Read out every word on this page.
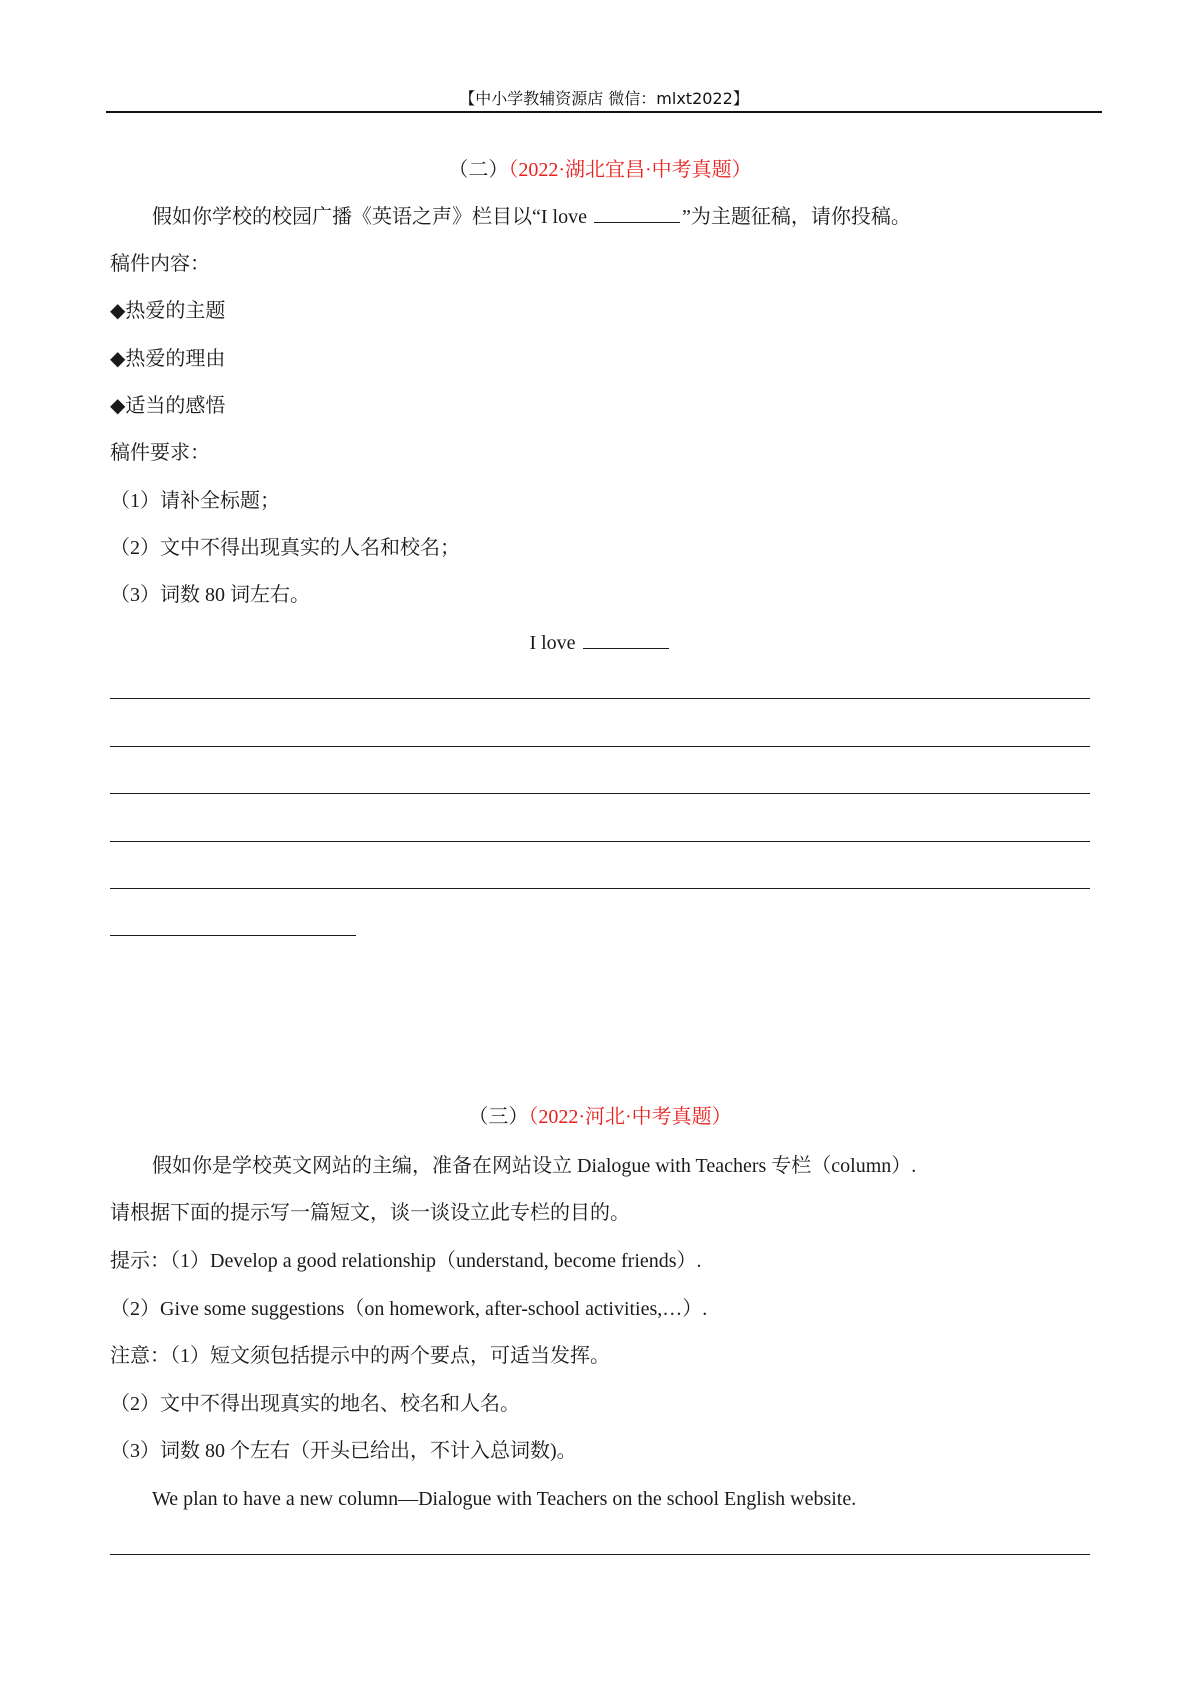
【中小学教辅资源店 微信：mlxt2022】
（二）（2022·湖北宜昌·中考真题）
假如你学校的校园广播《英语之声》栏目以“I love	”为主题征稿，请你投稿。
稿件内容：
◆热爱的主题
◆热爱的理由
◆适当的感悟
稿件要求：
（1）请补全标题；
（2）文中不得出现真实的人名和校名；
（3）词数 80 词左右。
I love
（三）（2022·河北·中考真题）
假如你是学校英文网站的主编，准备在网站设立 Dialogue with Teachers 专栏（column）.
请根据下面的提示写一篇短文，谈一谈设立此专栏的目的。
提示：（1）Develop a good relationship（understand, become friends）.
（2）Give some suggestions（on homework, after-school activities,…）.
注意：（1）短文须包括提示中的两个要点，可适当发挥。
（2）文中不得出现真实的地名、校名和人名。
（3）词数 80 个左右（开头已给出，不计入总词数)。
We plan to have a new column—Dialogue with Teachers on the school English website.
